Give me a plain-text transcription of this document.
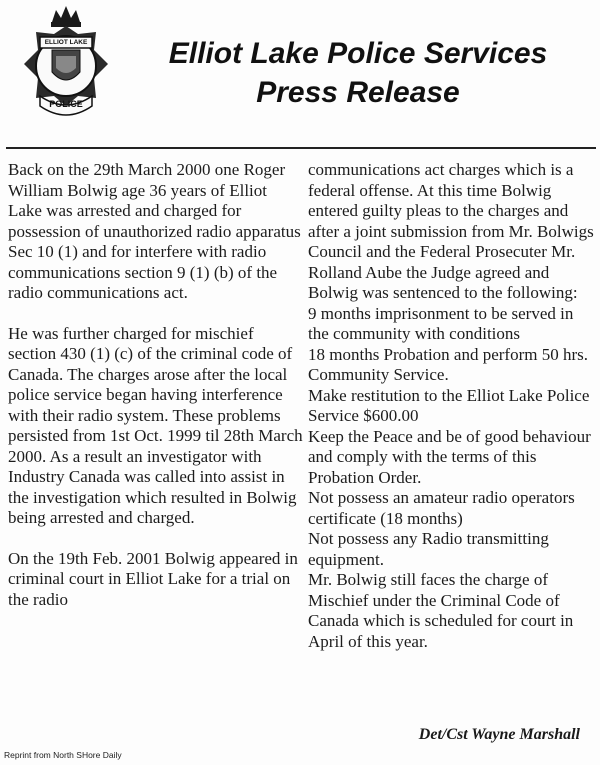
ELLIOT LAKE
POLICE
Elliot Lake Police Services
Press Release

Back on the 29th March 2000 one Roger William Bolwig age 36 years of Elliot Lake was arrested and charged for possession of unauthorized radio apparatus Sec 10 (1) and for interfere with radio communications section 9 (1) (b) of the radio communications act.

He was further charged for mischief section 430 (1) (c) of the criminal code of Canada. The charges arose after the local police service began having interference with their radio system. These problems persisted from 1st Oct. 1999 til 28th March 2000. As a result an investigator with Industry Canada was called into assist in the investigation which resulted in Bolwig being arrested and charged.

On the 19th Feb. 2001 Bolwig appeared in criminal court in Elliot Lake for a trial on the radio

communications act charges which is a federal offense. At this time Bolwig entered guilty pleas to the charges and after a joint submission from Mr. Bolwigs Council and the Federal Prosecuter Mr. Rolland Aube the Judge agreed and Bolwig was sentenced to the following:
9 months imprisonment to be served in the community with conditions
18 months Probation and perform 50 hrs. Community Service.
Make restitution to the Elliot Lake Police Service $600.00
Keep the Peace and be of good behaviour and comply with the terms of this Probation Order.
Not possess an amateur radio operators certificate (18 months)
Not possess any Radio transmitting equipment.
Mr. Bolwig still faces the charge of Mischief under the Criminal Code of Canada which is scheduled for court in April of this year.
Det/Cst Wayne Marshall
Reprint from North SHore Daily
